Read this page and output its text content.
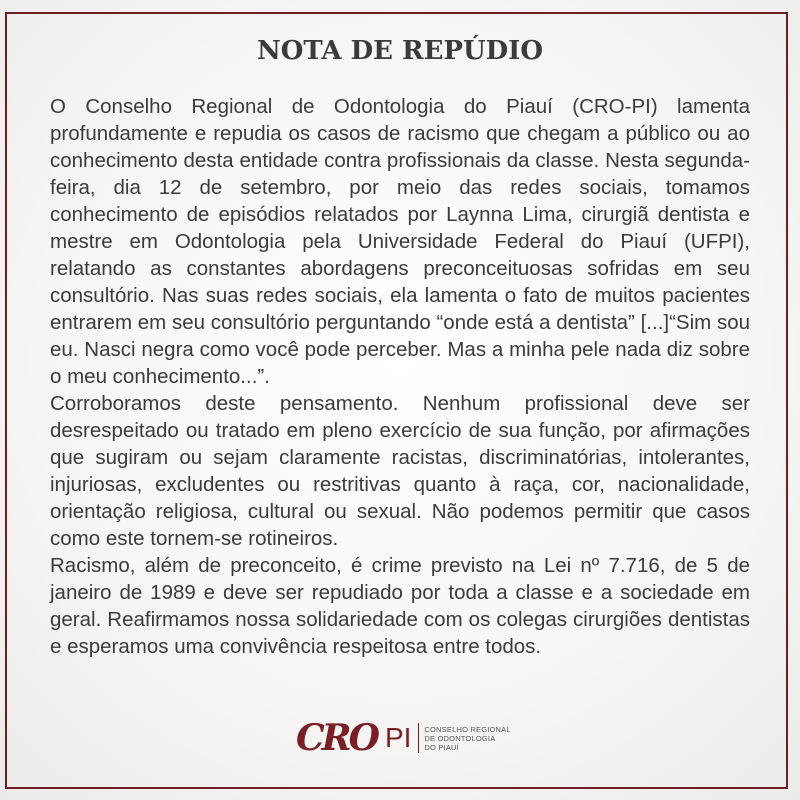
NOTA DE REPÚDIO

O Conselho Regional de Odontologia do Piauí (CRO-PI) lamenta profundamente e repudia os casos de racismo que chegam a público ou ao conhecimento desta entidade contra profissionais da classe. Nesta segunda-feira, dia 12 de setembro, por meio das redes sociais, tomamos conhecimento de episódios relatados por Laynna Lima, cirurgiã dentista e mestre em Odontologia pela Universidade Federal do Piauí (UFPI), relatando as constantes abordagens preconceituosas sofridas em seu consultório. Nas suas redes sociais, ela lamenta o fato de muitos pacientes entrarem em seu consultório perguntando “onde está a dentista” [...]“Sim sou eu. Nasci negra como você pode perceber. Mas a minha pele nada diz sobre o meu conhecimento...”.

Corroboramos deste pensamento. Nenhum profissional deve ser desrespeitado ou tratado em pleno exercício de sua função, por afirmações que sugiram ou sejam claramente racistas, discriminatórias, intolerantes, injuriosas, excludentes ou restritivas quanto à raça, cor, nacionalidade, orientação religiosa, cultural ou sexual. Não podemos permitir que casos como este tornem-se rotineiros.

Racismo, além de preconceito, é crime previsto na Lei nº 7.716, de 5 de janeiro de 1989 e deve ser repudiado por toda a classe e a sociedade em geral. Reafirmamos nossa solidariedade com os colegas cirurgiões dentistas e esperamos uma convivência respeitosa entre todos.

CRO PI CONSELHO REGIONAL
DE ODONTOLOGIA
DO PIAUÍ
